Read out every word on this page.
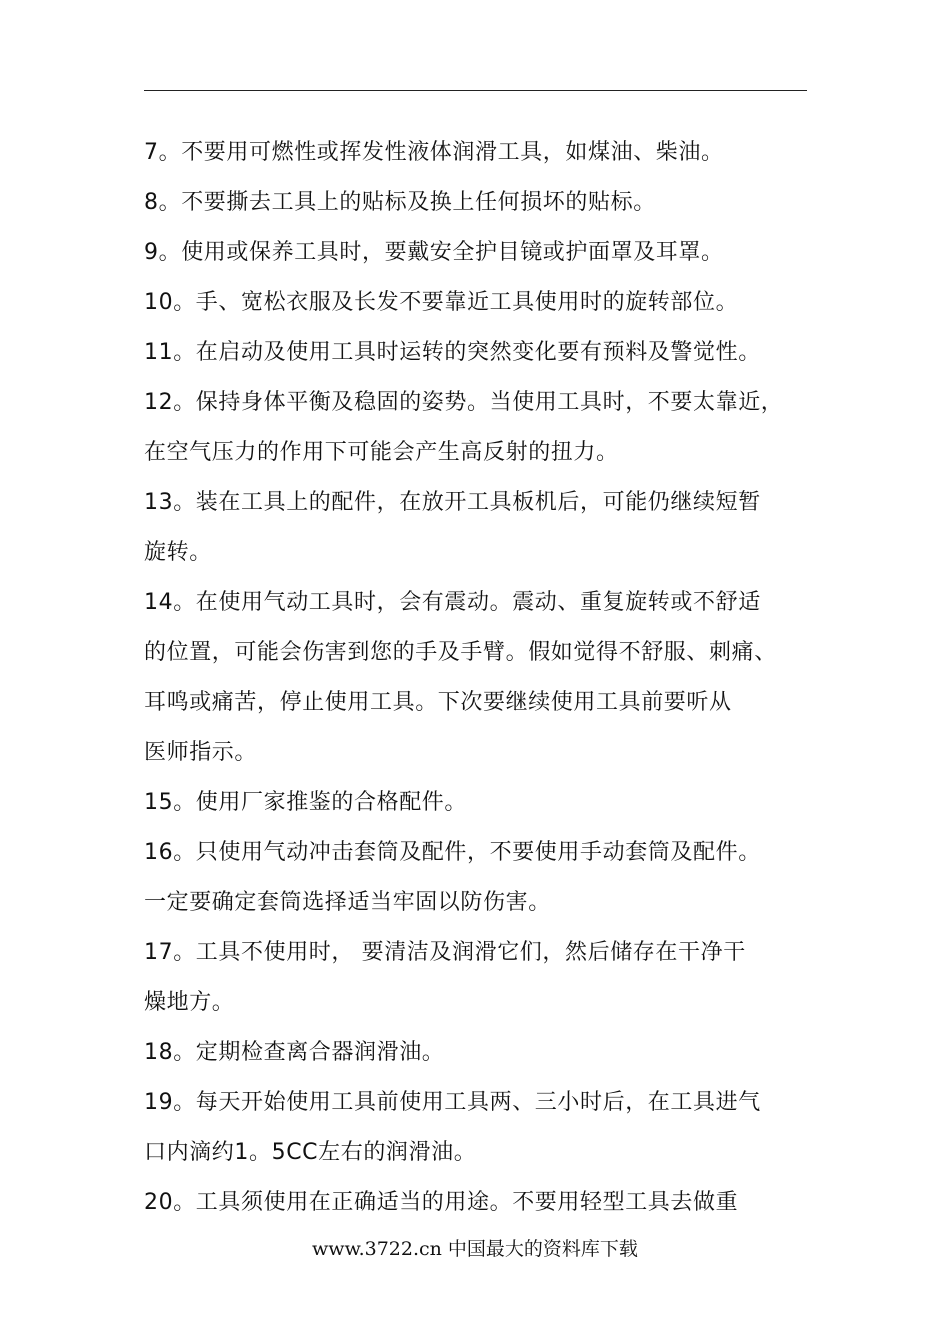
7。不要用可燃性或挥发性液体润滑工具，如煤油、柴油。
8。不要撕去工具上的贴标及换上任何损坏的贴标。
9。使用或保养工具时，要戴安全护目镜或护面罩及耳罩。
10。手、宽松衣服及长发不要靠近工具使用时的旋转部位。
11。在启动及使用工具时运转的突然变化要有预料及警觉性。
12。保持身体平衡及稳固的姿势。当使用工具时，不要太靠近，
在空气压力的作用下可能会产生高反射的扭力。
13。装在工具上的配件，在放开工具板机后，可能仍继续短暂
旋转。
14。在使用气动工具时，会有震动。震动、重复旋转或不舒适
的位置，可能会伤害到您的手及手臂。假如觉得不舒服、刺痛、
耳鸣或痛苦，停止使用工具。下次要继续使用工具前要听从
医师指示。
15。使用厂家推鉴的合格配件。
16。只使用气动冲击套筒及配件，不要使用手动套筒及配件。
一定要确定套筒选择适当牢固以防伤害。
17。工具不使用时， 要清洁及润滑它们，然后储存在干净干
燥地方。
18。定期检查离合器润滑油。
19。每天开始使用工具前使用工具两、三小时后，在工具进气
口内滴约1。5CC左右的润滑油。
20。工具须使用在正确适当的用途。不要用轻型工具去做重
www.3722.cn 中国最大的资料库下载
